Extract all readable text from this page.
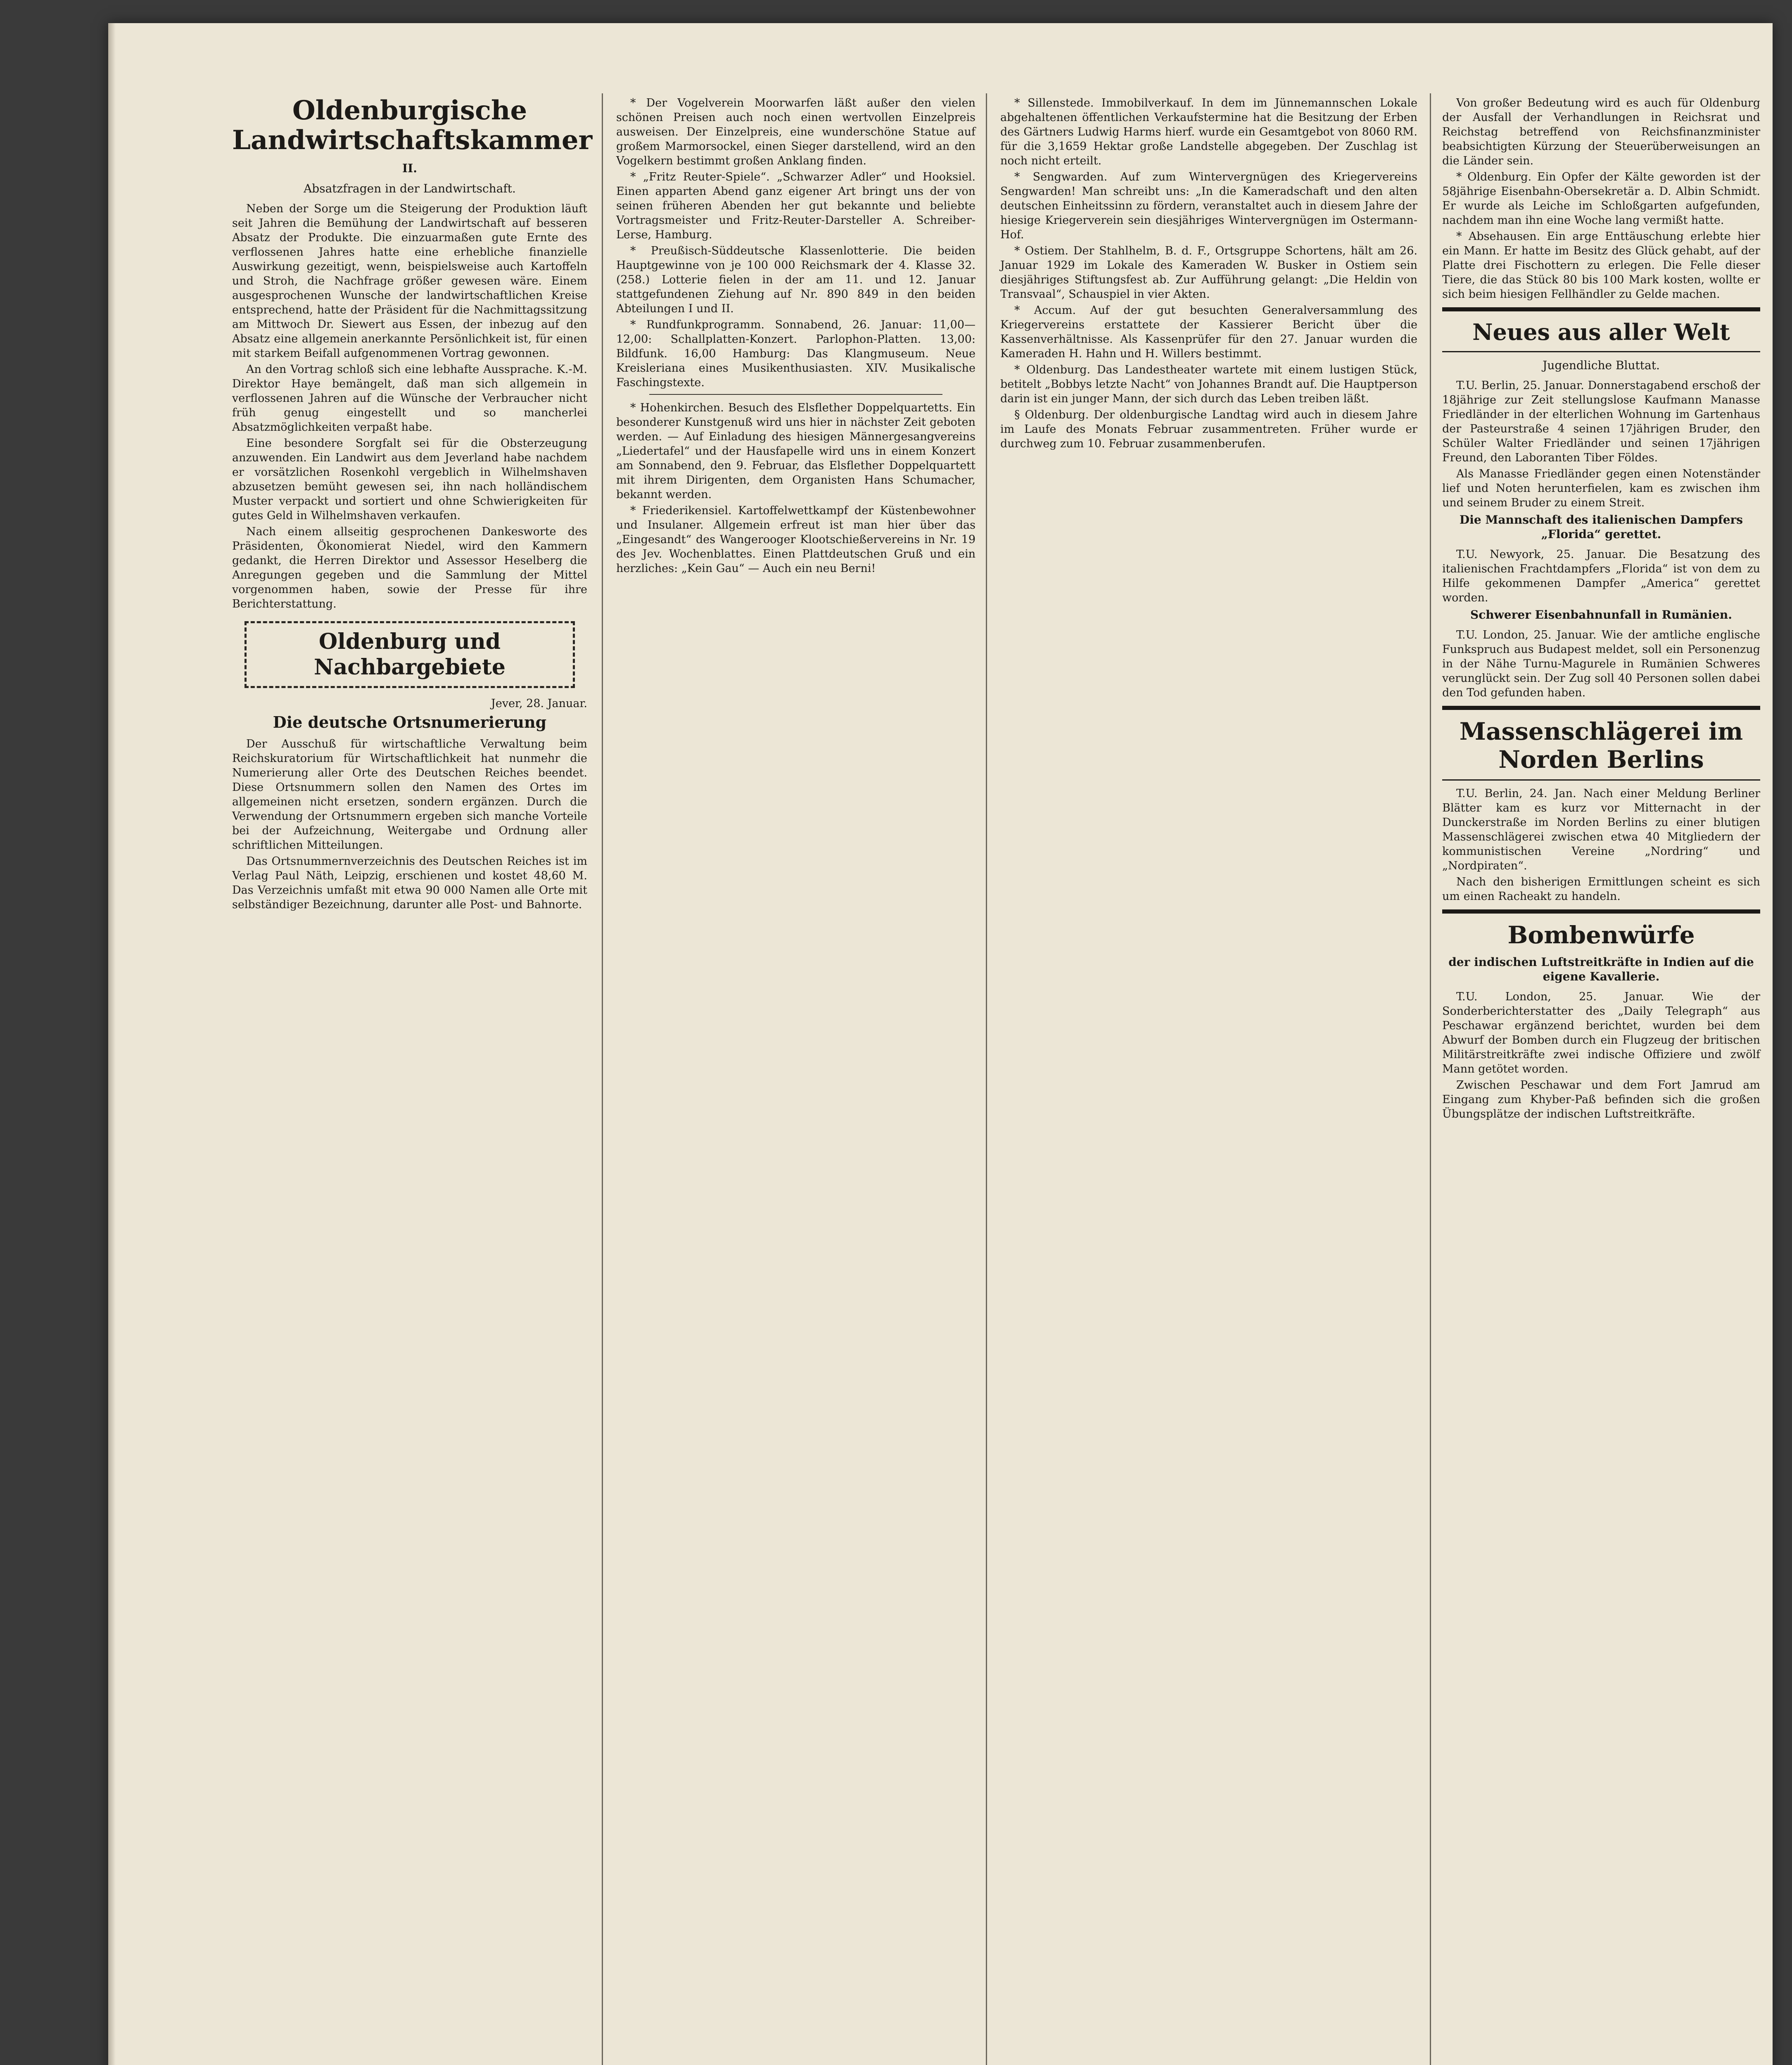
Oldenburgische Landwirtschaftskammer
II.
Absatzfragen in der Landwirtschaft.

Neben der Sorge um die Steigerung der Produktion läuft seit Jahren die Bemühung der Landwirtschaft auf besseren Absatz der Produkte. Die einzuarmaßen gute Ernte des verflossenen Jahres hatte eine erhebliche finanzielle Auswirkung gezeitigt, wenn, beispielsweise auch Kartoffeln und Stroh, die Nachfrage größer gewesen wäre. Einem ausgesprochenen Wunsche der landwirtschaftlichen Kreise entsprechend, hatte der Präsident für die Nachmittagssitzung am Mittwoch Dr. Siewert aus Essen, der inbezug auf den Absatz eine allgemein anerkannte Persönlichkeit ist, für einen mit starkem Beifall aufgenommenen Vortrag gewonnen.

An den Vortrag schloß sich eine lebhafte Aussprache. K.-M. Direktor Haye bemängelt, daß man sich allgemein in verflossenen Jahren auf die Wünsche der Verbraucher nicht früh genug eingestellt und so mancherlei Absatzmöglichkeiten verpaßt habe.

Eine besondere Sorgfalt sei für die Obsterzeugung anzuwenden. Ein Landwirt aus dem Jeverland habe nachdem er vorsätzlichen Rosenkohl vergeblich in Wilhelmshaven abzusetzen bemüht gewesen sei, ihn nach holländischem Muster verpackt und sortiert und ohne Schwierigkeiten für gutes Geld in Wilhelmshaven verkaufen.

Nach einem allseitig gesprochenen Dankesworte des Präsidenten, Ökonomierat Niedel, wird den Kammern gedankt, die Herren Direktor und Assessor Heselberg die Anregungen gegeben und die Sammlung der Mittel vorgenommen haben, sowie der Presse für ihre Berichterstattung.

Oldenburg und Nachbargebiete
Jever, 28. Januar.
Die deutsche Ortsnumerierung

Der Ausschuß für wirtschaftliche Verwaltung beim Reichskuratorium für Wirtschaftlichkeit hat nunmehr die Numerierung aller Orte des Deutschen Reiches beendet. Diese Ortsnummern sollen den Namen des Ortes im allgemeinen nicht ersetzen, sondern ergänzen. Durch die Verwendung der Ortsnummern ergeben sich manche Vorteile bei der Aufzeichnung, Weitergabe und Ordnung aller schriftlichen Mitteilungen.

Das Ortsnummernverzeichnis des Deutschen Reiches ist im Verlag Paul Näth, Leipzig, erschienen und kostet 48,60 M. Das Verzeichnis umfaßt mit etwa 90 000 Namen alle Orte mit selbständiger Bezeichnung, darunter alle Post- und Bahnorte.

* Der Vogelverein Moorwarfen läßt außer den vielen schönen Preisen auch noch einen wertvollen Einzelpreis ausweisen. Der Einzelpreis, eine wunderschöne Statue auf großem Marmorsockel, einen Sieger darstellend, wird an den Vogelkern bestimmt großen Anklang finden.

* „Fritz Reuter-Spiele“. „Schwarzer Adler“ und Hooksiel. Einen apparten Abend ganz eigener Art bringt uns der von seinen früheren Abenden her gut bekannte und beliebte Vortragsmeister und Fritz-Reuter-Darsteller A. Schreiber-Lerse, Hamburg.

* Preußisch-Süddeutsche Klassenlotterie. Die beiden Hauptgewinne von je 100 000 Reichsmark der 4. Klasse 32. (258.) Lotterie fielen in der am 11. und 12. Januar stattgefundenen Ziehung auf Nr. 890 849 in den beiden Abteilungen I und II.

* Rundfunkprogramm. Sonnabend, 26. Januar: 11,00—12,00: Schallplatten-Konzert. Parlophon-Platten. 13,00: Bildfunk. 16,00 Hamburg: Das Klangmuseum. Neue Kreisleriana eines Musikenthusiasten. XIV. Musikalische Faschingstexte.

* Hohenkirchen. Besuch des Elsflether Doppelquartetts. Ein besonderer Kunstgenuß wird uns hier in nächster Zeit geboten werden. — Auf Einladung des hiesigen Männergesangvereins „Liedertafel“ und der Hausfapelle wird uns in einem Konzert am Sonnabend, den 9. Februar, das Elsflether Doppelquartett mit ihrem Dirigenten, dem Organisten Hans Schumacher, bekannt werden.

* Friederikensiel. Kartoffelwettkampf der Küstenbewohner und Insulaner. Allgemein erfreut ist man hier über das „Eingesandt“ des Wangerooger Klootschießervereins in Nr. 19 des Jev. Wochenblattes. Einen Plattdeutschen Gruß und ein herzliches: „Kein Gau“ — Auch ein neu Berni!

* Sillenstede. Immobilverkauf. In dem im Jünnemannschen Lokale abgehaltenen öffentlichen Verkaufstermine hat die Besitzung der Erben des Gärtners Ludwig Harms hierf. wurde ein Gesamtgebot von 8060 RM. für die 3,1659 Hektar große Landstelle abgegeben. Der Zuschlag ist noch nicht erteilt.

* Sengwarden. Auf zum Wintervergnügen des Kriegervereins Sengwarden! Man schreibt uns: „In die Kameradschaft und den alten deutschen Einheitssinn zu fördern, veranstaltet auch in diesem Jahre der hiesige Kriegerverein sein diesjähriges Wintervergnügen im Ostermann-Hof.

* Ostiem. Der Stahlhelm, B. d. F., Ortsgruppe Schortens, hält am 26. Januar 1929 im Lokale des Kameraden W. Busker in Ostiem sein diesjähriges Stiftungsfest ab. Zur Aufführung gelangt: „Die Heldin von Transvaal“, Schauspiel in vier Akten.

* Accum. Auf der gut besuchten Generalversammlung des Kriegervereins erstattete der Kassierer Bericht über die Kassenverhältnisse. Als Kassenprüfer für den 27. Januar wurden die Kameraden H. Hahn und H. Willers bestimmt.

* Oldenburg. Das Landestheater wartete mit einem lustigen Stück, betitelt „Bobbys letzte Nacht“ von Johannes Brandt auf. Die Hauptperson darin ist ein junger Mann, der sich durch das Leben treiben läßt.

§ Oldenburg. Der oldenburgische Landtag wird auch in diesem Jahre im Laufe des Monats Februar zusammentreten. Früher wurde er durchweg zum 10. Februar zusammenberufen.

Von großer Bedeutung wird es auch für Oldenburg der Ausfall der Verhandlungen in Reichsrat und Reichstag betreffend von Reichsfinanzminister beabsichtigten Kürzung der Steuerüberweisungen an die Länder sein.

* Oldenburg. Ein Opfer der Kälte geworden ist der 58jährige Eisenbahn-Obersekretär a. D. Albin Schmidt. Er wurde als Leiche im Schloßgarten aufgefunden, nachdem man ihn eine Woche lang vermißt hatte.

* Absehausen. Ein arge Enttäuschung erlebte hier ein Mann. Er hatte im Besitz des Glück gehabt, auf der Platte drei Fischottern zu erlegen. Die Felle dieser Tiere, die das Stück 80 bis 100 Mark kosten, wollte er sich beim hiesigen Fellhändler zu Gelde machen.

Neues aus aller Welt
Jugendliche Bluttat.

T.U. Berlin, 25. Januar. Donnerstagabend erschoß der 18jährige zur Zeit stellungslose Kaufmann Manasse Friedländer in der elterlichen Wohnung im Gartenhaus der Pasteurstraße 4 seinen 17jährigen Bruder, den Schüler Walter Friedländer und seinen 17jährigen Freund, den Laboranten Tiber Földes.

Als Manasse Friedländer gegen einen Notenständer lief und Noten herunterfielen, kam es zwischen ihm und seinem Bruder zu einem Streit.

Die Mannschaft des italienischen Dampfers „Florida“ gerettet.

T.U. Newyork, 25. Januar. Die Besatzung des italienischen Frachtdampfers „Florida“ ist von dem zu Hilfe gekommenen Dampfer „America“ gerettet worden.

Schwerer Eisenbahnunfall in Rumänien.

T.U. London, 25. Januar. Wie der amtliche englische Funkspruch aus Budapest meldet, soll ein Personenzug in der Nähe Turnu-Magurele in Rumänien Schweres verunglückt sein. Der Zug soll 40 Personen sollen dabei den Tod gefunden haben.

Massenschlägerei im Norden Berlins

T.U. Berlin, 24. Jan. Nach einer Meldung Berliner Blätter kam es kurz vor Mitternacht in der Dunckerstraße im Norden Berlins zu einer blutigen Massenschlägerei zwischen etwa 40 Mitgliedern der kommunistischen Vereine „Nordring“ und „Nordpiraten“.

Nach den bisherigen Ermittlungen scheint es sich um einen Racheakt zu handeln.

Bombenwürfe
der indischen Luftstreitkräfte in Indien auf die eigene Kavallerie.

T.U. London, 25. Januar. Wie der Sonderberichterstatter des „Daily Telegraph“ aus Peschawar ergänzend berichtet, wurden bei dem Abwurf der Bomben durch ein Flugzeug der britischen Militärstreitkräfte zwei indische Offiziere und zwölf Mann getötet worden.

Zwischen Peschawar und dem Fort Jamrud am Eingang zum Khyber-Paß befinden sich die großen Übungsplätze der indischen Luftstreitkräfte.
